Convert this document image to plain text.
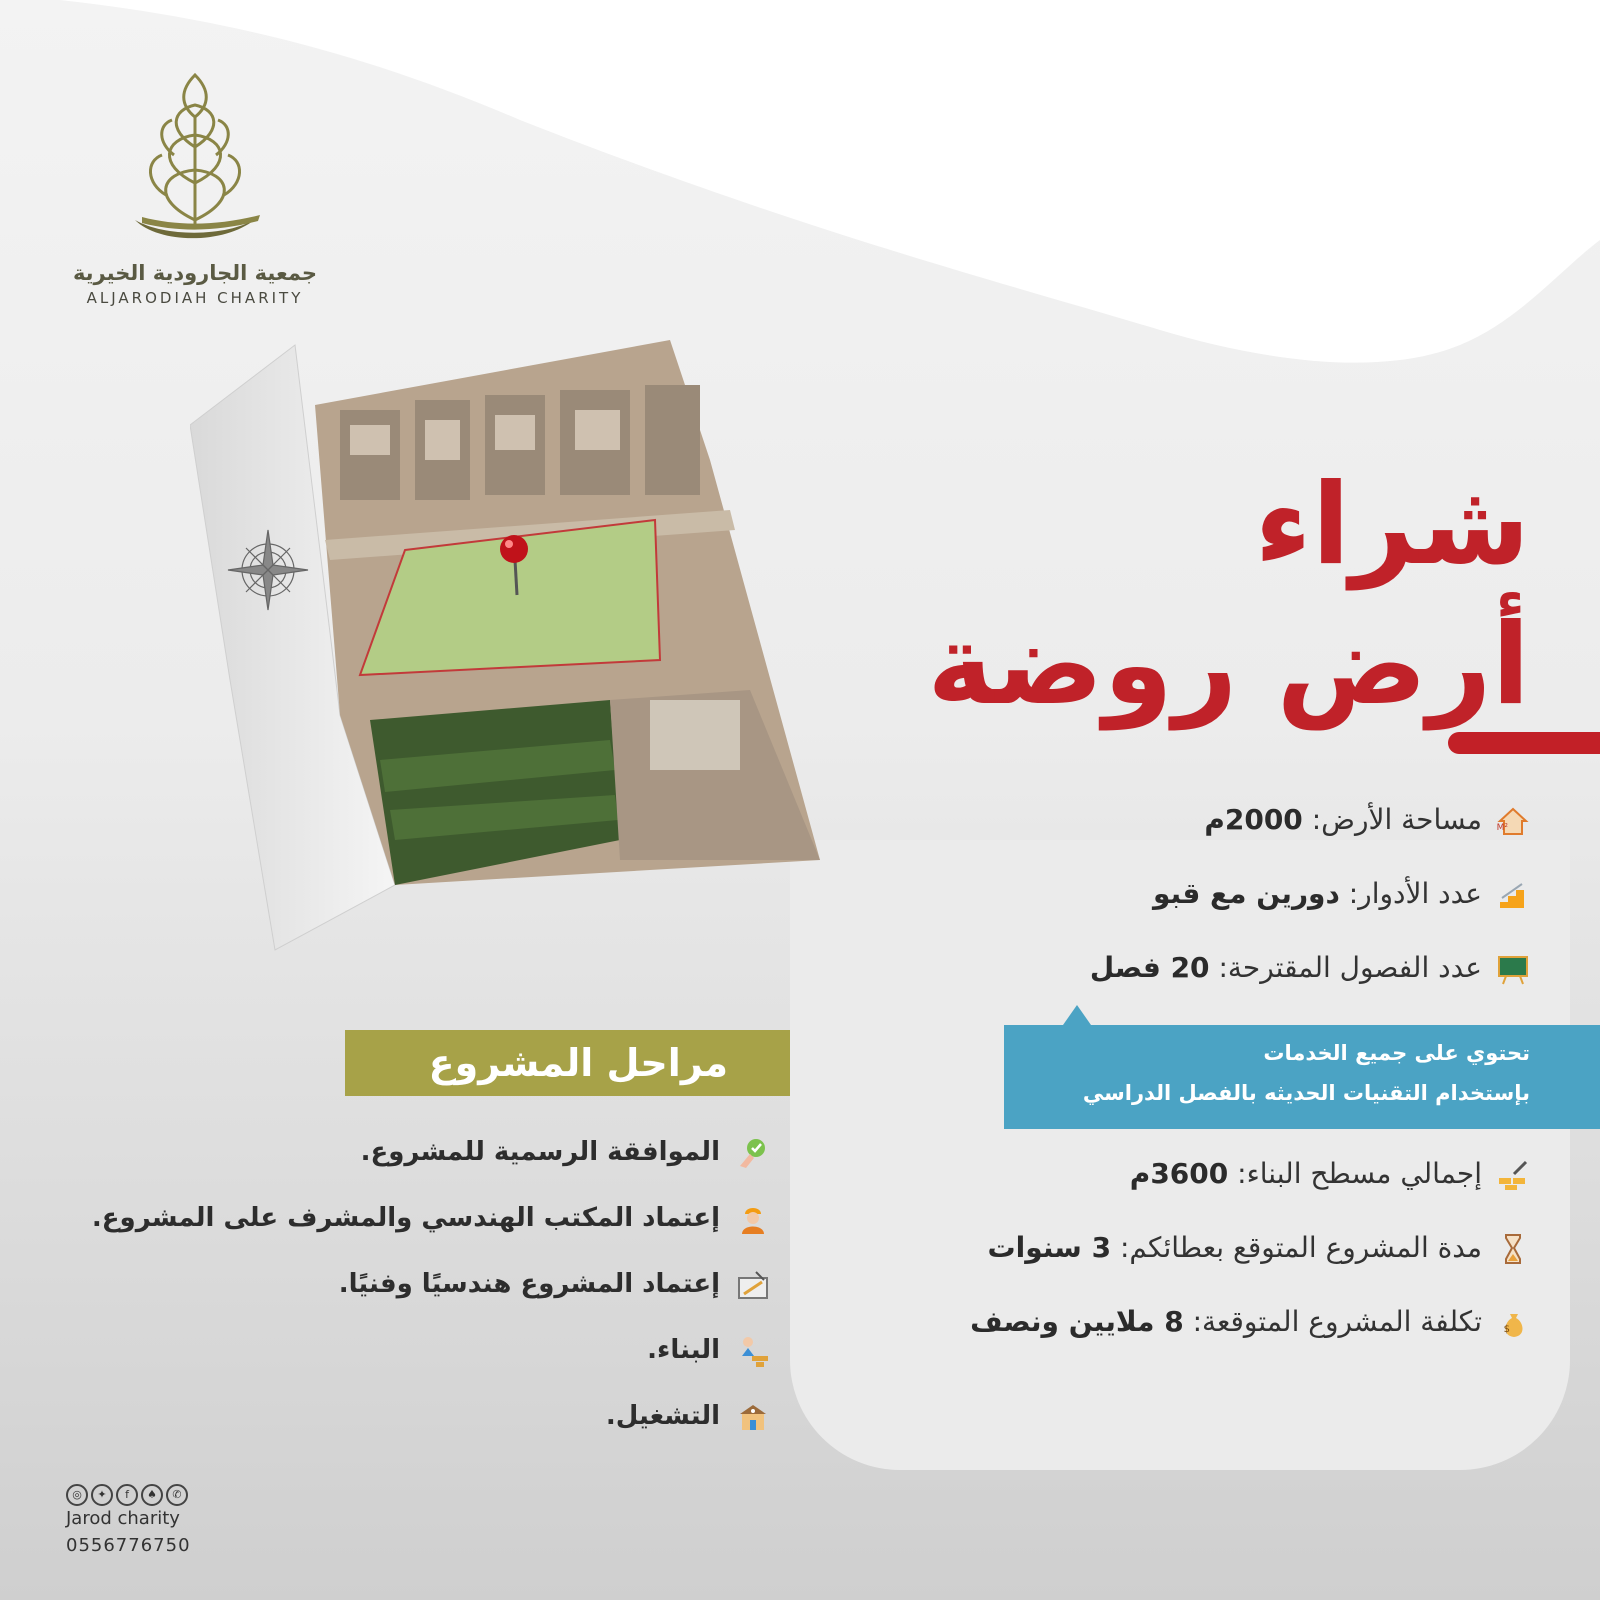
جمعية الجارودية الخيرية
ALJARODIAH CHARITY
شراء
أرض روضة
M²
مساحة الأرض: 2000م
عدد الأدوار: دورين مع قبو
عدد الفصول المقترحة: 20 فصل

تحتوي على جميع الخدمات

بإستخدام التقنيات الحديثه بالفصل الدراسي

إجمالي مسطح البناء: 3600م
مدة المشروع المتوقع بعطائكم: 3 سنوات
$
تكلفة المشروع المتوقعة: 8 ملايين ونصف
مراحل المشروع
الموافقة الرسمية للمشروع.
إعتماد المكتب الهندسي والمشرف على المشروع.
إعتماد المشروع هندسيًا وفنيًا.
البناء.
التشغيل.
◎ ✦ f ♠ ✆
Jarod charity
0556776750
